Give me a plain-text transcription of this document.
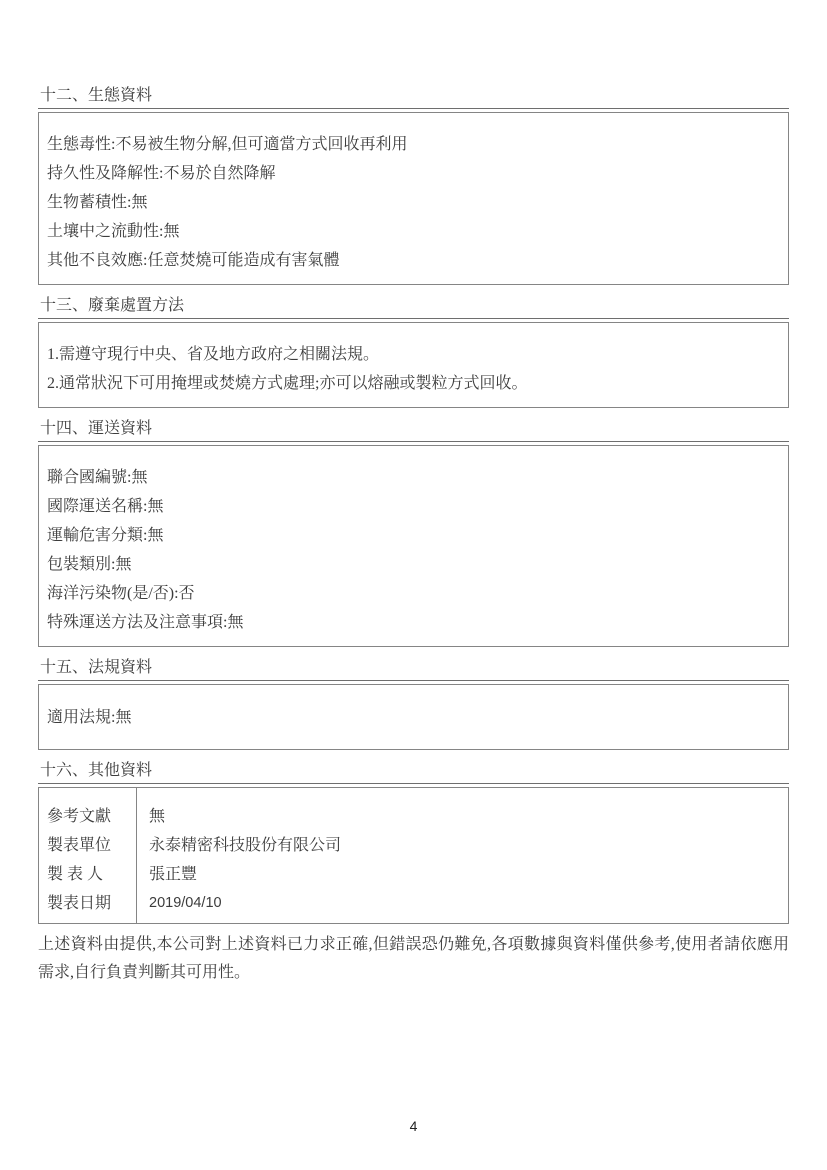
十二、生態資料
生態毒性:不易被生物分解,但可適當方式回收再利用
持久性及降解性:不易於自然降解
生物蓄積性:無
土壤中之流動性:無
其他不良效應:任意焚燒可能造成有害氣體
十三、廢棄處置方法
1.需遵守現行中央、省及地方政府之相關法規。
2.通常狀況下可用掩埋或焚燒方式處理;亦可以熔融或製粒方式回收。
十四、運送資料
聯合國編號:無
國際運送名稱:無
運輸危害分類:無
包裝類別:無
海洋污染物(是/否):否
特殊運送方法及注意事項:無
十五、法規資料
適用法規:無
十六、其他資料
參考文獻
製表單位
製 表 人
製表日期
無
永泰精密科技股份有限公司
張正豐
2019/04/10

上述資料由提供,本公司對上述資料已力求正確,但錯誤恐仍難免,各項數據與資料僅供參考,使用者請依應用需求,自行負責判斷其可用性。

4
